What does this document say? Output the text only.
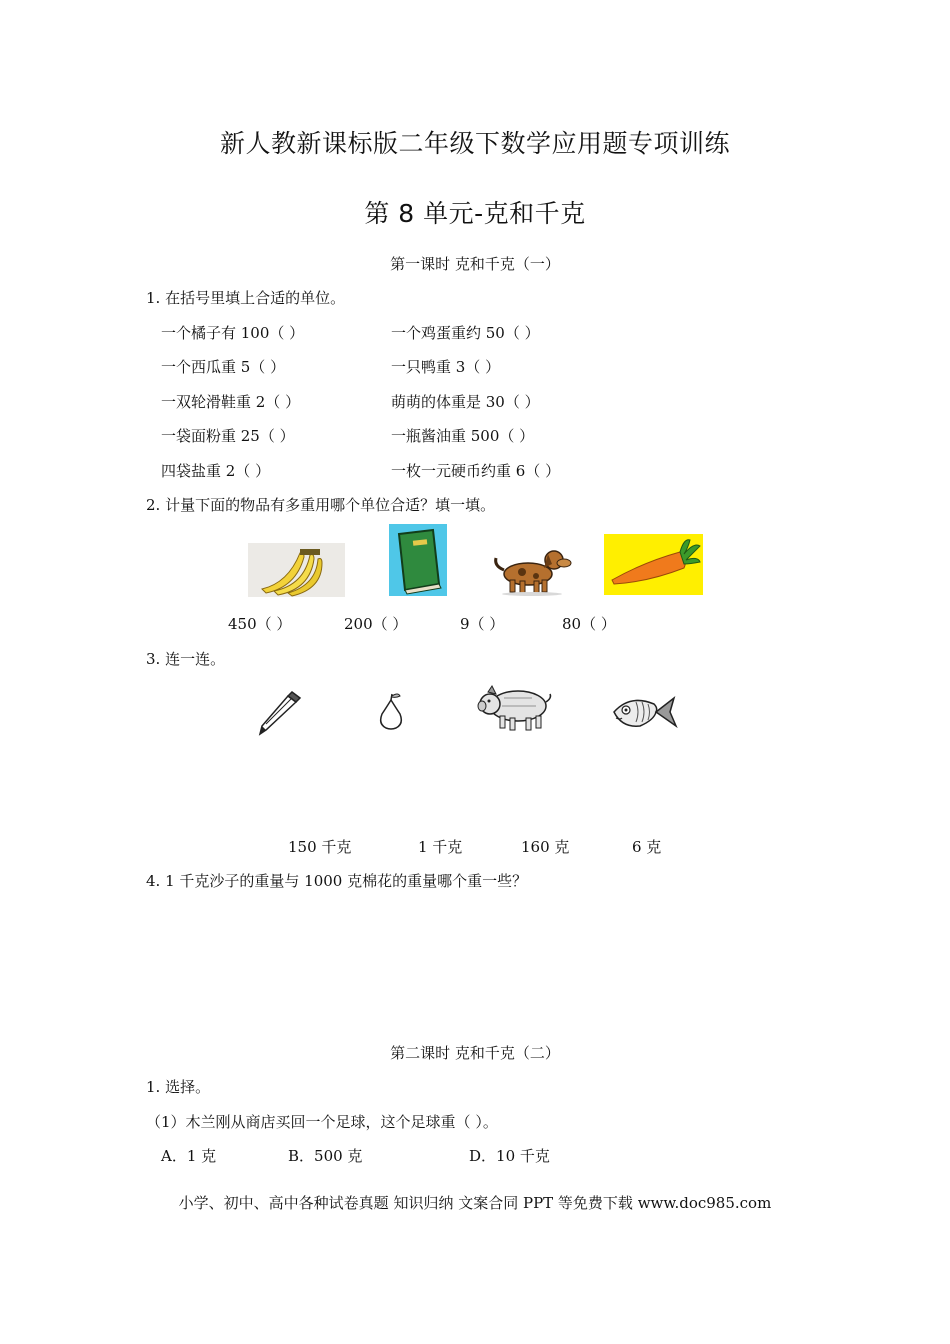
新人教新课标版二年级下数学应用题专项训练
第 8 单元-克和千克
第一课时 克和千克（一）
1. 在括号里填上合适的单位。
一个橘子有 100（ ）	一个鸡蛋重约 50（ ）
一个西瓜重 5（ ）	一只鸭重 3（ ）
一双轮滑鞋重 2（ ）	萌萌的体重是 30（ ）
一袋面粉重 25（ ）	一瓶酱油重 500（ ）
四袋盐重 2（ ）	一枚一元硬币约重 6（ ）
2. 计量下面的物品有多重用哪个单位合适？填一填。
450（ ）	200（ ）	9（ ）	80（ ）
3. 连一连。
150 千克	1 千克	160 克	6 克
4. 1 千克沙子的重量与 1000 克棉花的重量哪个重一些？
第二课时 克和千克（二）
1. 选择。
（1）木兰刚从商店买回一个足球，这个足球重（ ）。
A．1 克	B．500 克	D．10 千克
小学、初中、高中各种试卷真题 知识归纳 文案合同 PPT 等免费下载 www.doc985.com
